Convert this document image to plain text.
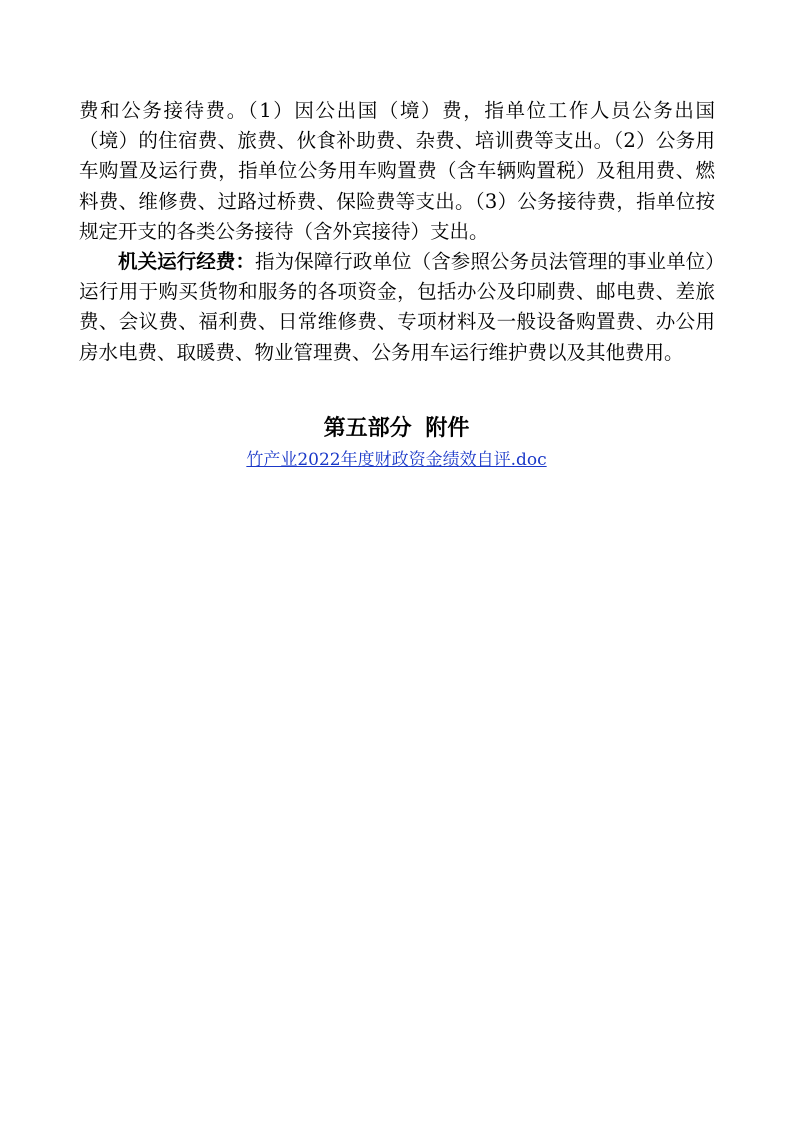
费和公务接待费。（1）因公出国（境）费，指单位工作人员公务出国（境）的住宿费、旅费、伙食补助费、杂费、培训费等支出。（2）公务用车购置及运行费，指单位公务用车购置费（含车辆购置税）及租用费、燃料费、维修费、过路过桥费、保险费等支出。（3）公务接待费，指单位按规定开支的各类公务接待（含外宾接待）支出。

机关运行经费：指为保障行政单位（含参照公务员法管理的事业单位）运行用于购买货物和服务的各项资金，包括办公及印刷费、邮电费、差旅费、会议费、福利费、日常维修费、专项材料及一般设备购置费、办公用房水电费、取暖费、物业管理费、公务用车运行维护费以及其他费用。

第五部分 附件
竹产业2022年度财政资金绩效自评.doc
